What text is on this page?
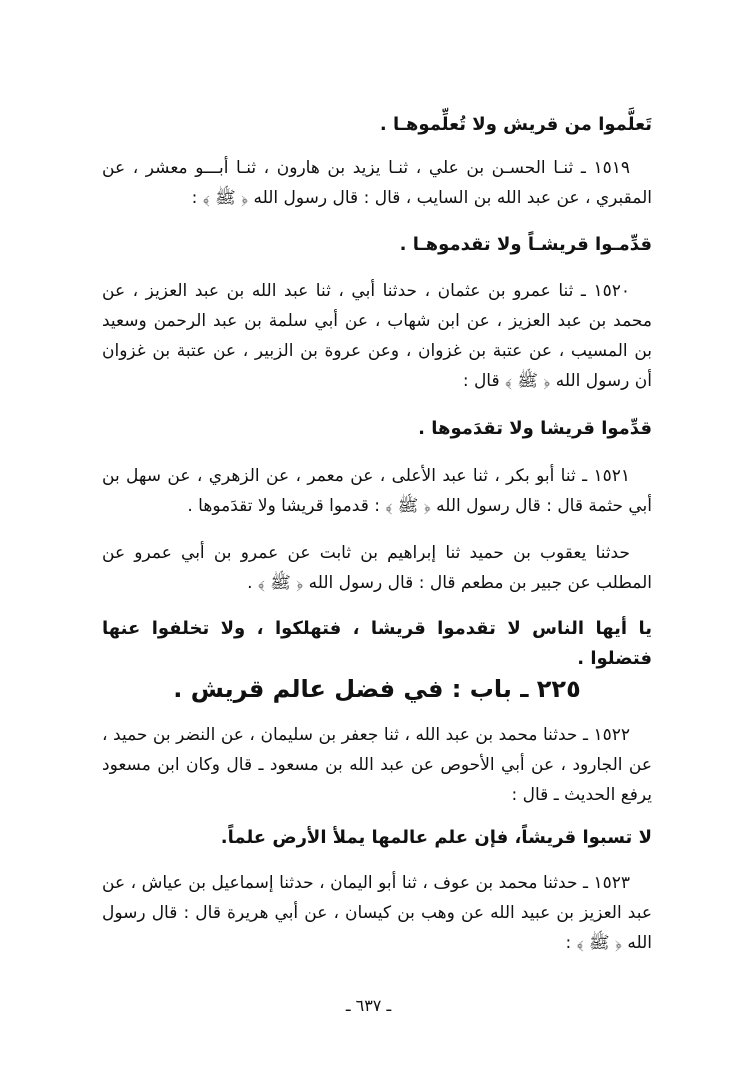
تَعلَّموا من قريش ولا تُعلِّموهـا .

١٥١٩ ـ ثنـا الحسـن بن علي ، ثنـا يزيد بن هارون ، ثنـا أبـــو معشر ، عن المقبري ، عن عبد الله بن السايب ، قال : قال رسول الله ﴿ ﷺ ﴾ :

قدِّمـوا قريشـاً ولا تقدموهـا .

١٥٢٠ ـ ثنا عمرو بن عثمان ، حدثنا أبي ، ثنا عبد الله بن عبد العزيز ، عن محمد بن عبد العزيز ، عن ابن شهاب ، عن أبي سلمة بن عبد الرحمن وسعيد بن المسيب ، عن عتبة بن غزوان ، وعن عروة بن الزبير ، عن عتبة بن غزوان أن رسول الله ﴿ ﷺ ﴾ قال :

قدِّموا قريشا ولا تقدَموها .

١٥٢١ ـ ثنا أبو بكر ، ثنا عبد الأعلى ، عن معمر ، عن الزهري ، عن سهل بن أبي حثمة قال : قال رسول الله ﴿ ﷺ ﴾ : قدموا قريشا ولا تقدَموها .

حدثنا يعقوب بن حميد ثنا إبراهيم بن ثابت عن عمرو بن أبي عمرو عن المطلب عن جبير بن مطعم قال : قال رسول الله ﴿ ﷺ ﴾ .

يا أيها الناس لا تقدموا قريشا ، فتهلكوا ، ولا تخلفوا عنها فتضلوا .

٢٢٥ ـ باب : في فضل عالم قريش .

١٥٢٢ ـ حدثنا محمد بن عبد الله ، ثنا جعفر بن سليمان ، عن النضر بن حميد ، عن الجارود ، عن أبي الأحوص عن عبد الله بن مسعود ـ قال وكان ابن مسعود يرفع الحديث ـ قال :

لا تسبوا قريشاً، فإن علم عالمها يملأ الأرض علماً.

١٥٢٣ ـ حدثنا محمد بن عوف ، ثنا أبو اليمان ، حدثنا إسماعيل بن عياش ، عن عبد العزيز بن عبيد الله عن وهب بن كيسان ، عن أبي هريرة قال : قال رسول الله ﴿ ﷺ ﴾ :

ـ ٦٣٧ ـ
